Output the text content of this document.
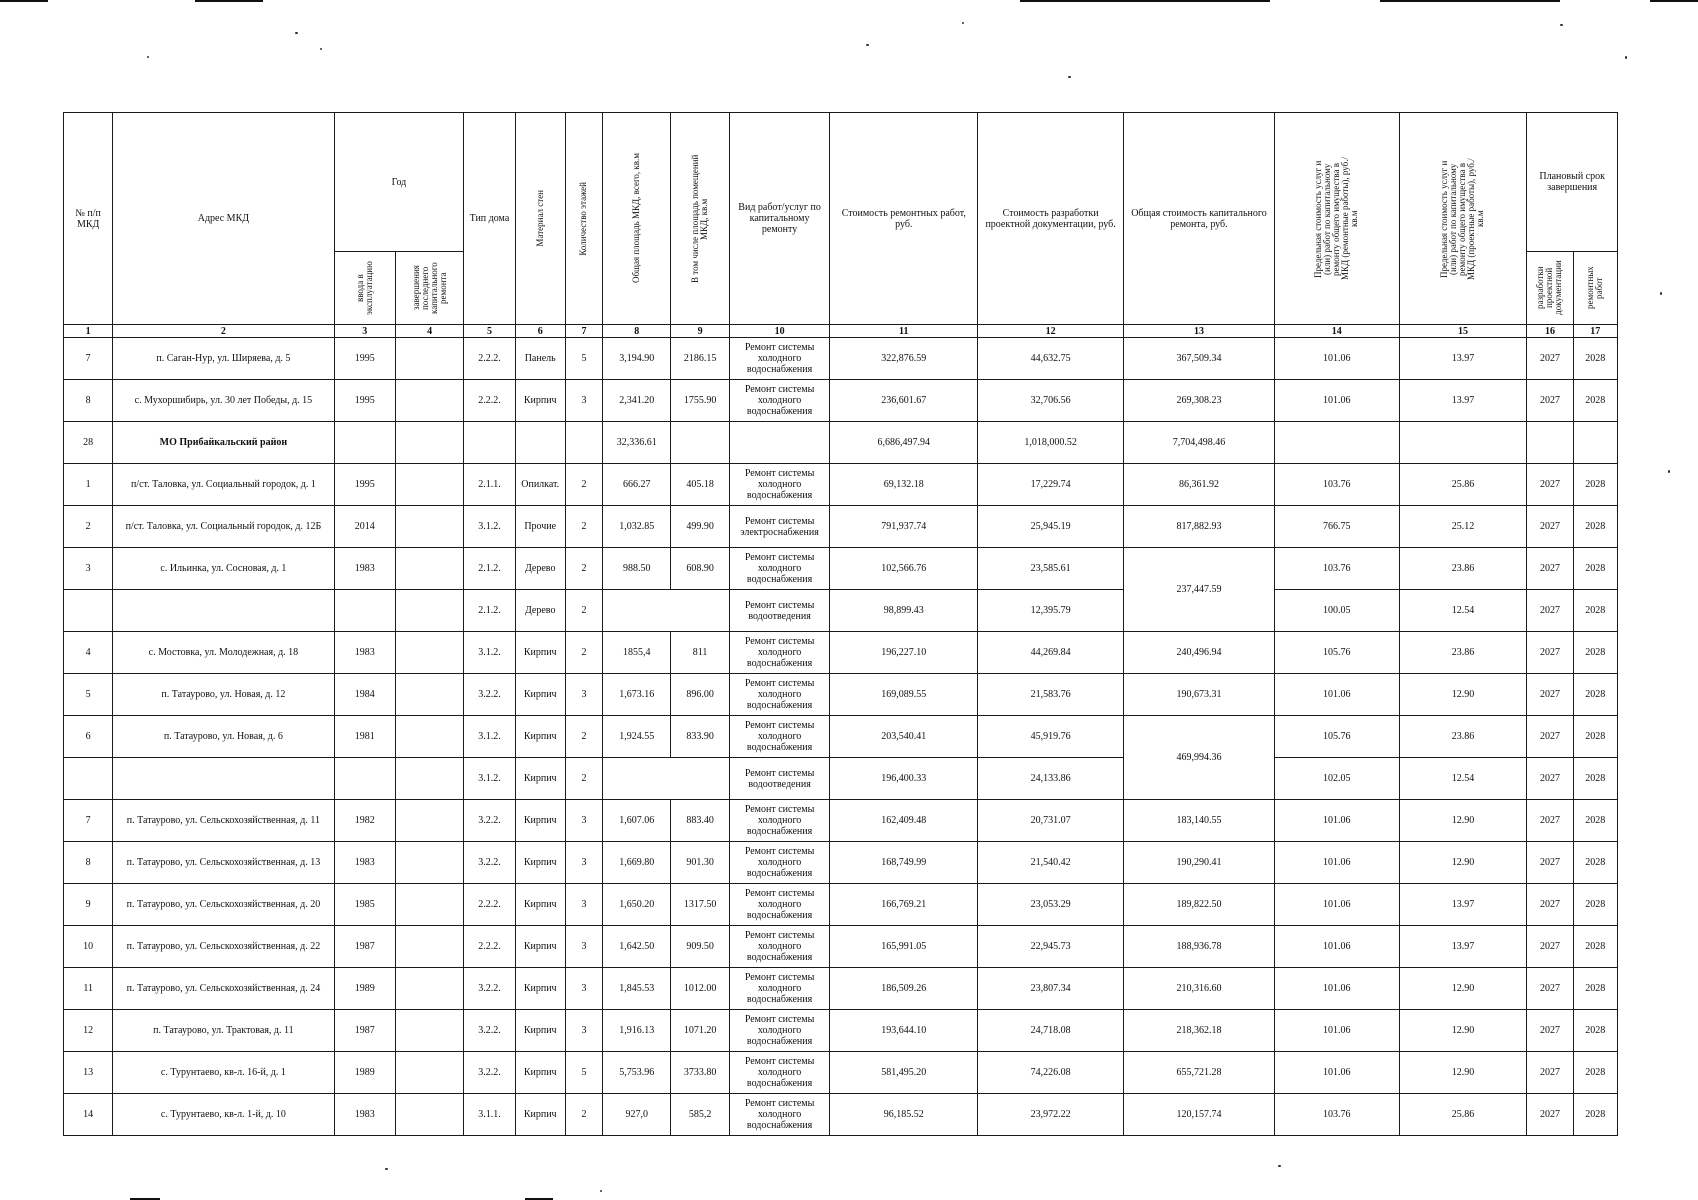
№ п/п МКД	Адрес МКД	Год		Тип дома	Материал стен	Количество этажей	Общая площадь МКД, всего, кв.м	В том числе площадь помещений МКД, кв.м	Вид работ/услуг по капитальному ремонту	Стоимость ремонтных работ, руб.	Стоимость разработки проектной документации, руб.	Общая стоимость капитального ремонта, руб.	Предельная стоимость услуг и (или) работ по капитальному ремонту общего имущества в МКД (ремонтные работы), руб./кв.м	Предельная стоимость услуг и (или) работ по капитальному ремонту общего имущества в МКД (проектные работы), руб./кв.м	Плановый срок завершения	

		ввода в эксплуатацию	завершения последнего капитального ремонта												разработки проектной документации	ремонтных работ

1	2	3	4	5	6	7	8	9	10	11	12	13	14	15	16	17
7	п. Саган-Нур, ул. Ширяева, д. 5	1995		2.2.2.	Панель	5	3,194.90	2186.15	Ремонт системы холодного водоснабжения	322,876.59	44,632.75	367,509.34	101.06	13.97	2027	2028
8	с. Мухоршибирь, ул. 30 лет Победы, д. 15	1995		2.2.2.	Кирпич	3	2,341.20	1755.90	Ремонт системы холодного водоснабжения	236,601.67	32,706.56	269,308.23	101.06	13.97	2027	2028
28	МО Прибайкальский район						32,336.61			6,686,497.94	1,018,000.52	7,704,498.46				
1	п/ст. Таловка, ул. Социальный городок, д. 1	1995		2.1.1.	Опилкат.	2	666.27	405.18	Ремонт системы холодного водоснабжения	69,132.18	17,229.74	86,361.92	103.76	25.86	2027	2028
2	п/ст. Таловка, ул. Социальный городок, д. 12Б	2014		3.1.2.	Прочие	2	1,032.85	499.90	Ремонт системы электроснабжения	791,937.74	25,945.19	817,882.93	766.75	25.12	2027	2028
3	с. Ильинка, ул. Сосновая, д. 1	1983		2.1.2.	Дерево	2	988.50	608.90	Ремонт системы холодного водоснабжения	102,566.76	23,585.61	237,447.59	103.76	23.86	2027	2028
				2.1.2.	Дерево	2			Ремонт системы водоотведения	98,899.43	12,395.79		100.05	12.54	2027	2028
4	с. Мостовка, ул. Молодежная, д. 18	1983		3.1.2.	Кирпич	2	1855,4	811	Ремонт системы холодного водоснабжения	196,227.10	44,269.84	240,496.94	105.76	23.86	2027	2028
5	п. Татаурово, ул. Новая, д. 12	1984		3.2.2.	Кирпич	3	1,673.16	896.00	Ремонт системы холодного водоснабжения	169,089.55	21,583.76	190,673.31	101.06	12.90	2027	2028
6	п. Татаурово, ул. Новая, д. 6	1981		3.1.2.	Кирпич	2	1,924.55	833.90	Ремонт системы холодного водоснабжения	203,540.41	45,919.76	469,994.36	105.76	23.86	2027	2028
				3.1.2.	Кирпич	2			Ремонт системы водоотведения	196,400.33	24,133.86		102.05	12.54	2027	2028
7	п. Татаурово, ул. Сельскохозяйственная, д. 11	1982		3.2.2.	Кирпич	3	1,607.06	883.40	Ремонт системы холодного водоснабжения	162,409.48	20,731.07	183,140.55	101.06	12.90	2027	2028
8	п. Татаурово, ул. Сельскохозяйственная, д. 13	1983		3.2.2.	Кирпич	3	1,669.80	901.30	Ремонт системы холодного водоснабжения	168,749.99	21,540.42	190,290.41	101.06	12.90	2027	2028
9	п. Татаурово, ул. Сельскохозяйственная, д. 20	1985		2.2.2.	Кирпич	3	1,650.20	1317.50	Ремонт системы холодного водоснабжения	166,769.21	23,053.29	189,822.50	101.06	13.97	2027	2028
10	п. Татаурово, ул. Сельскохозяйственная, д. 22	1987		2.2.2.	Кирпич	3	1,642.50	909.50	Ремонт системы холодного водоснабжения	165,991.05	22,945.73	188,936.78	101.06	13.97	2027	2028
11	п. Татаурово, ул. Сельскохозяйственная, д. 24	1989		3.2.2.	Кирпич	3	1,845.53	1012.00	Ремонт системы холодного водоснабжения	186,509.26	23,807.34	210,316.60	101.06	12.90	2027	2028
12	п. Татаурово, ул. Трактовая, д. 11	1987		3.2.2.	Кирпич	3	1,916.13	1071.20	Ремонт системы холодного водоснабжения	193,644.10	24,718.08	218,362.18	101.06	12.90	2027	2028
13	с. Турунтаево, кв-л. 16-й, д. 1	1989		3.2.2.	Кирпич	5	5,753.96	3733.80	Ремонт системы холодного водоснабжения	581,495.20	74,226.08	655,721.28	101.06	12.90	2027	2028
14	с. Турунтаево, кв-л. 1-й, д. 10	1983		3.1.1.	Кирпич	2	927,0	585,2	Ремонт системы холодного водоснабжения	96,185.52	23,972.22	120,157.74	103.76	25.86	2027	2028
